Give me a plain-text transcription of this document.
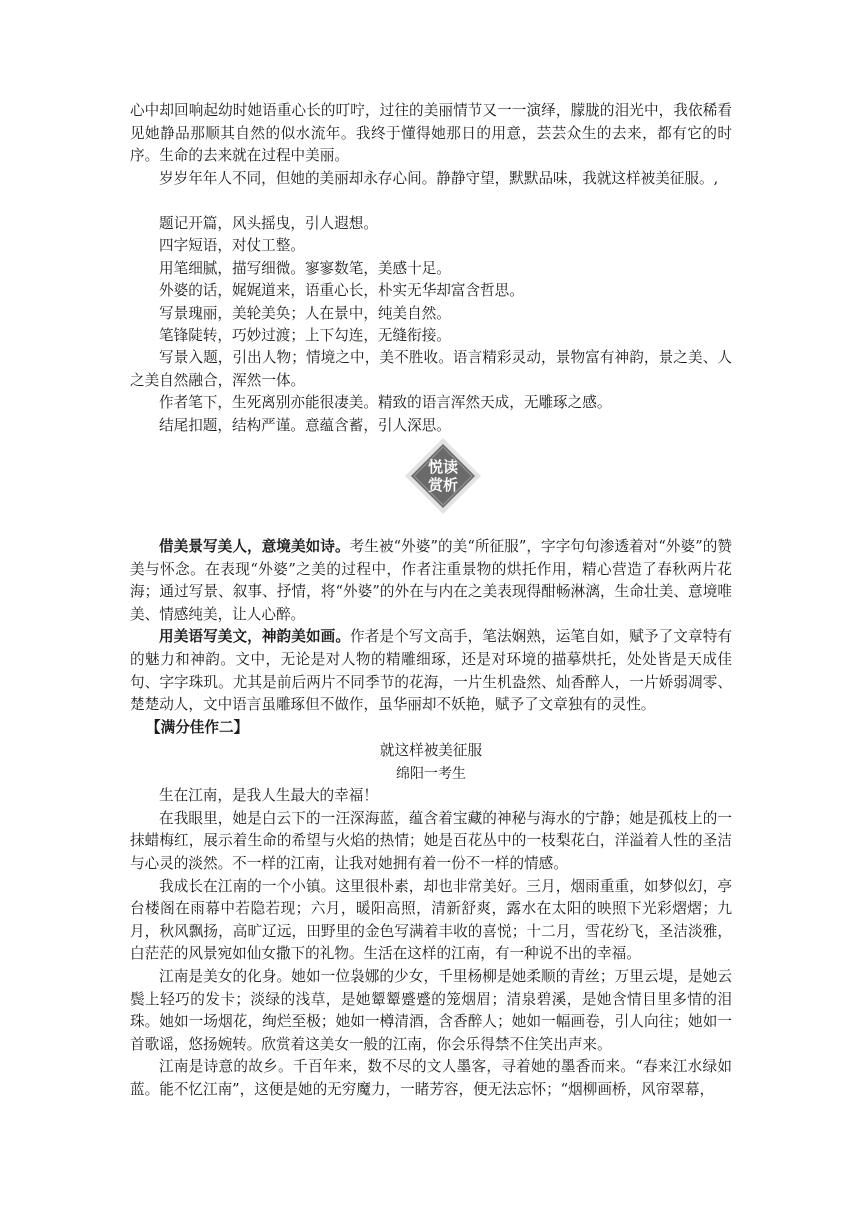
心中却回响起幼时她语重心长的叮咛，过往的美丽情节又一一演绎，朦胧的泪光中，我依稀看见她静品那顺其自然的似水流年。我终于懂得她那日的用意，芸芸众生的去来，都有它的时序。生命的去来就在过程中美丽。

岁岁年年人不同，但她的美丽却永存心间。静静守望，默默品味，我就这样被美征服。,

题记开篇，风头摇曳，引人遐想。

四字短语，对仗工整。

用笔细腻，描写细微。寥寥数笔，美感十足。

外婆的话，娓娓道来，语重心长，朴实无华却富含哲思。

写景瑰丽，美轮美奂；人在景中，纯美自然。

笔锋陡转，巧妙过渡；上下勾连，无缝衔接。

写景入题，引出人物；情境之中，美不胜收。语言精彩灵动，景物富有神韵，景之美、人之美自然融合，浑然一体。

作者笔下，生死离别亦能很凄美。精致的语言浑然天成，无雕琢之感。

结尾扣题，结构严谨。意蕴含蓄，引人深思。

悦读
赏析

借美景写美人，意境美如诗。考生被“外婆”的美“所征服”，字字句句渗透着对“外婆”的赞美与怀念。在表现“外婆”之美的过程中，作者注重景物的烘托作用，精心营造了春秋两片花海；通过写景、叙事、抒情，将“外婆”的外在与内在之美表现得酣畅淋漓，生命壮美、意境唯美、情感纯美，让人心醉。

用美语写美文，神韵美如画。作者是个写文高手，笔法娴熟，运笔自如，赋予了文章特有的魅力和神韵。文中，无论是对人物的精雕细琢，还是对环境的描摹烘托，处处皆是天成佳句、字字珠玑。尤其是前后两片不同季节的花海，一片生机盎然、灿香醉人，一片娇弱凋零、楚楚动人，文中语言虽雕琢但不做作，虽华丽却不妖艳，赋予了文章独有的灵性。

【满分佳作二】

就这样被美征服

绵阳一考生

生在江南，是我人生最大的幸福！

在我眼里，她是白云下的一汪深海蓝，蕴含着宝藏的神秘与海水的宁静；她是孤枝上的一抹蜡梅红，展示着生命的希望与火焰的热情；她是百花丛中的一枝梨花白，洋溢着人性的圣洁与心灵的淡然。不一样的江南，让我对她拥有着一份不一样的情感。

我成长在江南的一个小镇。这里很朴素，却也非常美好。三月，烟雨重重，如梦似幻，亭台楼阁在雨幕中若隐若现；六月，暖阳高照，清新舒爽，露水在太阳的映照下光彩熠熠；九月，秋风飘扬，高旷辽远，田野里的金色写满着丰收的喜悦；十二月，雪花纷飞，圣洁淡雅，白茫茫的风景宛如仙女撒下的礼物。生活在这样的江南，有一种说不出的幸福。

江南是美女的化身。她如一位袅娜的少女，千里杨柳是她柔顺的青丝；万里云堤，是她云鬓上轻巧的发卡；淡绿的浅草，是她颦颦蹙蹙的笼烟眉；清泉碧溪，是她含情目里多情的泪珠。她如一场烟花，绚烂至极；她如一樽清酒，含香醉人；她如一幅画卷，引人向往；她如一首歌谣，悠扬婉转。欣赏着这美女一般的江南，你会乐得禁不住笑出声来。

江南是诗意的故乡。千百年来，数不尽的文人墨客，寻着她的墨香而来。“春来江水绿如蓝。能不忆江南”，这便是她的无穷魔力，一睹芳容，便无法忘怀；“烟柳画桥，风帘翠幕，
